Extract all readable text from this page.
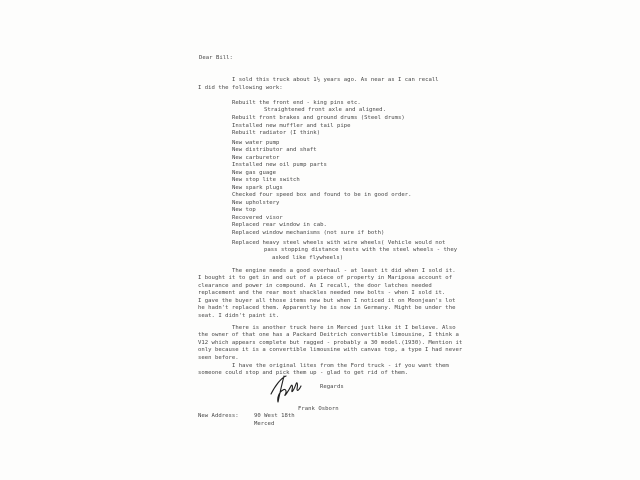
Dear Bill:

I sold this truck about 1½ years ago. As near as I can recall

I did the following work:

Rebuilt the front end - king pins etc.

Straightened front axle and aligned.

Rebuilt front brakes and ground drums (Steel drums)

Installed new muffler and tail pipe

Rebuilt radiator (I think)

New water pump

New distributor and shaft

New carburetor

Installed new oil pump parts

New gas guage

New stop lite switch

New spark plugs

Checked four speed box and found to be in good order.

New upholstery

New top

Recovered visor

Replaced rear window in cab.

Replaced window mechanisms (not sure if both)

Replaced heavy steel wheels with wire wheels( Vehicle would not

pass stopping distance tests with the steel wheels - they

asked like flywheels)

The engine needs a good overhaul - at least it did when I sold it.

I bought it to get in and out of a piece of property in Mariposa account of

clearance and power in compound. As I recall, the door latches needed

replacement and the rear most shackles needed new bolts - when I sold it.

I gave the buyer all those items new but when I noticed it on Moonjean's lot

he hadn't replaced them. Apparently he is now in Germany. Might be under the

seat. I didn't paint it.

There is another truck here in Merced just like it I believe. Also

the owner of that one has a Packard Deitrich convertible limousine, I think a

V12 which appears complete but ragged - probably a 30 model.(1930). Mention it

only because it is a convertible limousine with canvas top, a type I had never

seen before.

I have the original lites from the Ford truck - if you want them

someone could stop and pick them up - glad to get rid of them.

Regards

Frank Osborn

New Address:	90 West 18th

Merced
